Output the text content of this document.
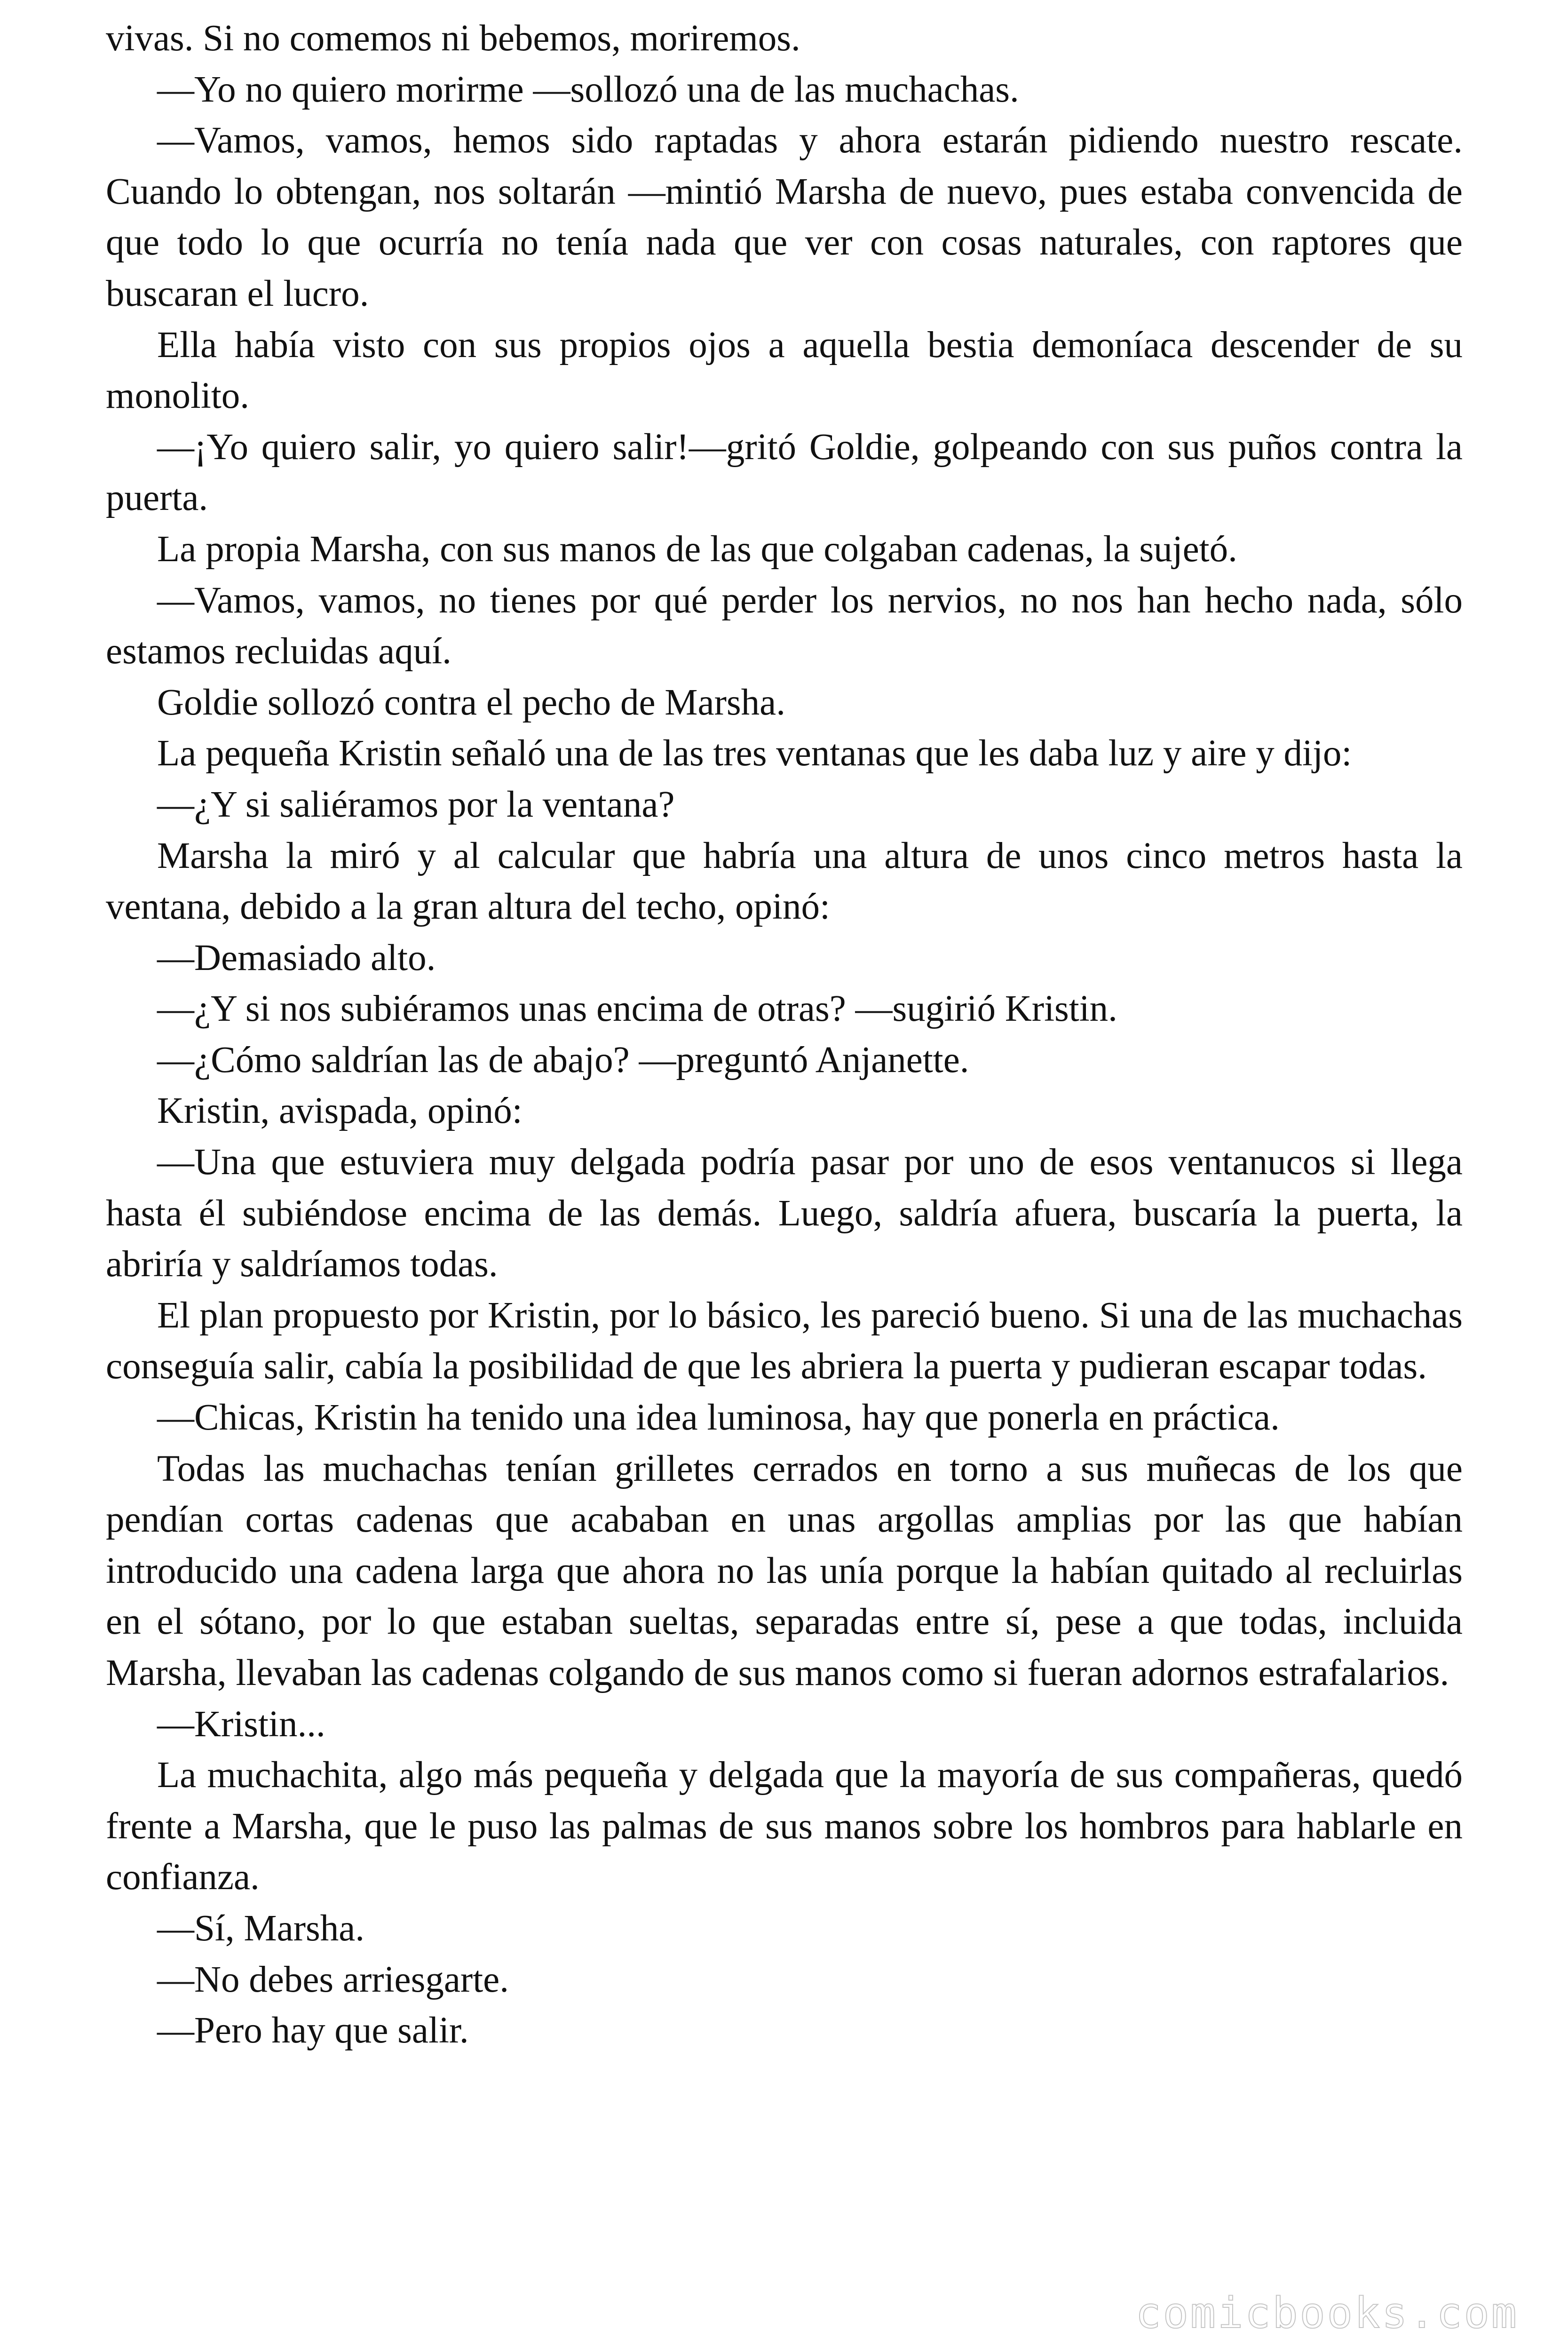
vivas. Si no comemos ni bebemos, moriremos.

—Yo no quiero morirme —sollozó una de las muchachas.

—Vamos, vamos, hemos sido raptadas y ahora estarán pidiendo nuestro rescate. Cuando lo obtengan, nos soltarán —mintió Marsha de nuevo, pues estaba convencida de que todo lo que ocurría no tenía nada que ver con cosas naturales, con raptores que buscaran el lucro.

Ella había visto con sus propios ojos a aquella bestia demoníaca descender de su monolito.

—¡Yo quiero salir, yo quiero salir!—gritó Goldie, golpeando con sus puños contra la puerta.

La propia Marsha, con sus manos de las que colgaban cadenas, la sujetó.

—Vamos, vamos, no tienes por qué perder los nervios, no nos han hecho nada, sólo estamos recluidas aquí.

Goldie sollozó contra el pecho de Marsha.

La pequeña Kristin señaló una de las tres ventanas que les daba luz y aire y dijo:

—¿Y si saliéramos por la ventana?

Marsha la miró y al calcular que habría una altura de unos cinco metros hasta la ventana, debido a la gran altura del techo, opinó:

—Demasiado alto.

—¿Y si nos subiéramos unas encima de otras? —sugirió Kristin.

—¿Cómo saldrían las de abajo? —preguntó Anjanette.

Kristin, avispada, opinó:

—Una que estuviera muy delgada podría pasar por uno de esos ventanucos si llega hasta él subiéndose encima de las demás. Luego, saldría afuera, buscaría la puerta, la abriría y saldríamos todas.

El plan propuesto por Kristin, por lo básico, les pareció bueno. Si una de las muchachas conseguía salir, cabía la posibilidad de que les abriera la puerta y pudieran escapar todas.

—Chicas, Kristin ha tenido una idea luminosa, hay que ponerla en práctica.

Todas las muchachas tenían grilletes cerrados en torno a sus muñecas de los que pendían cortas cadenas que acababan en unas argollas amplias por las que habían introducido una cadena larga que ahora no las unía porque la habían quitado al recluirlas en el sótano, por lo que estaban sueltas, separadas entre sí, pese a que todas, incluida Marsha, llevaban las cadenas colgando de sus manos como si fueran adornos estrafalarios.

—Kristin...

La muchachita, algo más pequeña y delgada que la mayoría de sus compañeras, quedó frente a Marsha, que le puso las palmas de sus manos sobre los hombros para hablarle en confianza.

—Sí, Marsha.

—No debes arriesgarte.

—Pero hay que salir.

comicbooks.com
